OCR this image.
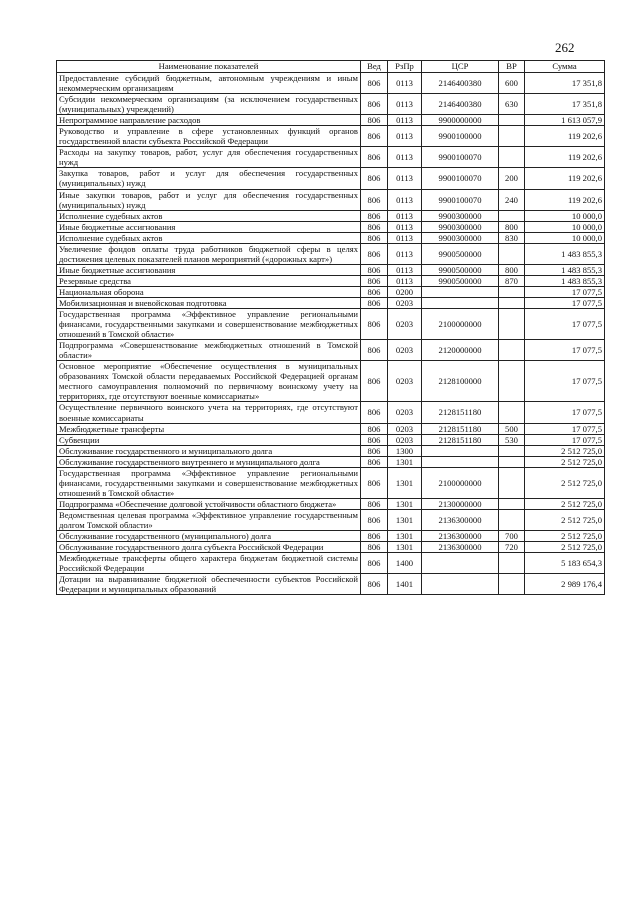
262
Наименование показателей	Вед	РзПр	ЦСР	ВР	Сумма
Предоставление субсидий бюджетным, автономным учреждениям и иным некоммерческим организациям	806	0113	2146400380	600	17 351,8
Субсидии некоммерческим организациям (за исключением государственных (муниципальных) учреждений)	806	0113	2146400380	630	17 351,8
Непрограммное направление расходов	806	0113	9900000000		1 613 057,9
Руководство и управление в сфере установленных функций органов государственной власти субъекта Российской Федерации	806	0113	9900100000		119 202,6
Расходы на закупку товаров, работ, услуг для обеспечения государственных нужд	806	0113	9900100070		119 202,6
Закупка товаров, работ и услуг для обеспечения государственных (муниципальных) нужд	806	0113	9900100070	200	119 202,6
Иные закупки товаров, работ и услуг для обеспечения государственных (муниципальных) нужд	806	0113	9900100070	240	119 202,6
Исполнение судебных актов	806	0113	9900300000		10 000,0
Иные бюджетные ассигнования	806	0113	9900300000	800	10 000,0
Исполнение судебных актов	806	0113	9900300000	830	10 000,0
Увеличение фондов оплаты труда работников бюджетной сферы в целях достижения целевых показателей планов мероприятий («дорожных карт»)	806	0113	9900500000		1 483 855,3
Иные бюджетные ассигнования	806	0113	9900500000	800	1 483 855,3
Резервные средства	806	0113	9900500000	870	1 483 855,3
Национальная оборона	806	0200			17 077,5
Мобилизационная и вневойсковая подготовка	806	0203			17 077,5
Государственная программа «Эффективное управление региональными финансами, государственными закупками и совершенствование межбюджетных отношений в Томской области»	806	0203	2100000000		17 077,5
Подпрограмма «Совершенствование межбюджетных отношений в Томской области»	806	0203	2120000000		17 077,5
Основное мероприятие «Обеспечение осуществления в муниципальных образованиях Томской области передаваемых Российской Федерацией органам местного самоуправления полномочий по первичному воинскому учету на территориях, где отсутствуют военные комиссариаты»	806	0203	2128100000		17 077,5
Осуществление первичного воинского учета на территориях, где отсутствуют военные комиссариаты	806	0203	2128151180		17 077,5
Межбюджетные трансферты	806	0203	2128151180	500	17 077,5
Субвенции	806	0203	2128151180	530	17 077,5
Обслуживание государственного и муниципального долга	806	1300			2 512 725,0
Обслуживание государственного внутреннего и муниципального долга	806	1301			2 512 725,0
Государственная программа «Эффективное управление региональными финансами, государственными закупками и совершенствование межбюджетных отношений в Томской области»	806	1301	2100000000		2 512 725,0
Подпрограмма «Обеспечение долговой устойчивости областного бюджета»	806	1301	2130000000		2 512 725,0
Ведомственная целевая программа «Эффективное управление государственным долгом Томской области»	806	1301	2136300000		2 512 725,0
Обслуживание государственного (муниципального) долга	806	1301	2136300000	700	2 512 725,0
Обслуживание государственного долга субъекта Российской Федерации	806	1301	2136300000	720	2 512 725,0
Межбюджетные трансферты общего характера бюджетам бюджетной системы Российской Федерации	806	1400			5 183 654,3
Дотации на выравнивание бюджетной обеспеченности субъектов Российской Федерации и муниципальных образований	806	1401			2 989 176,4
